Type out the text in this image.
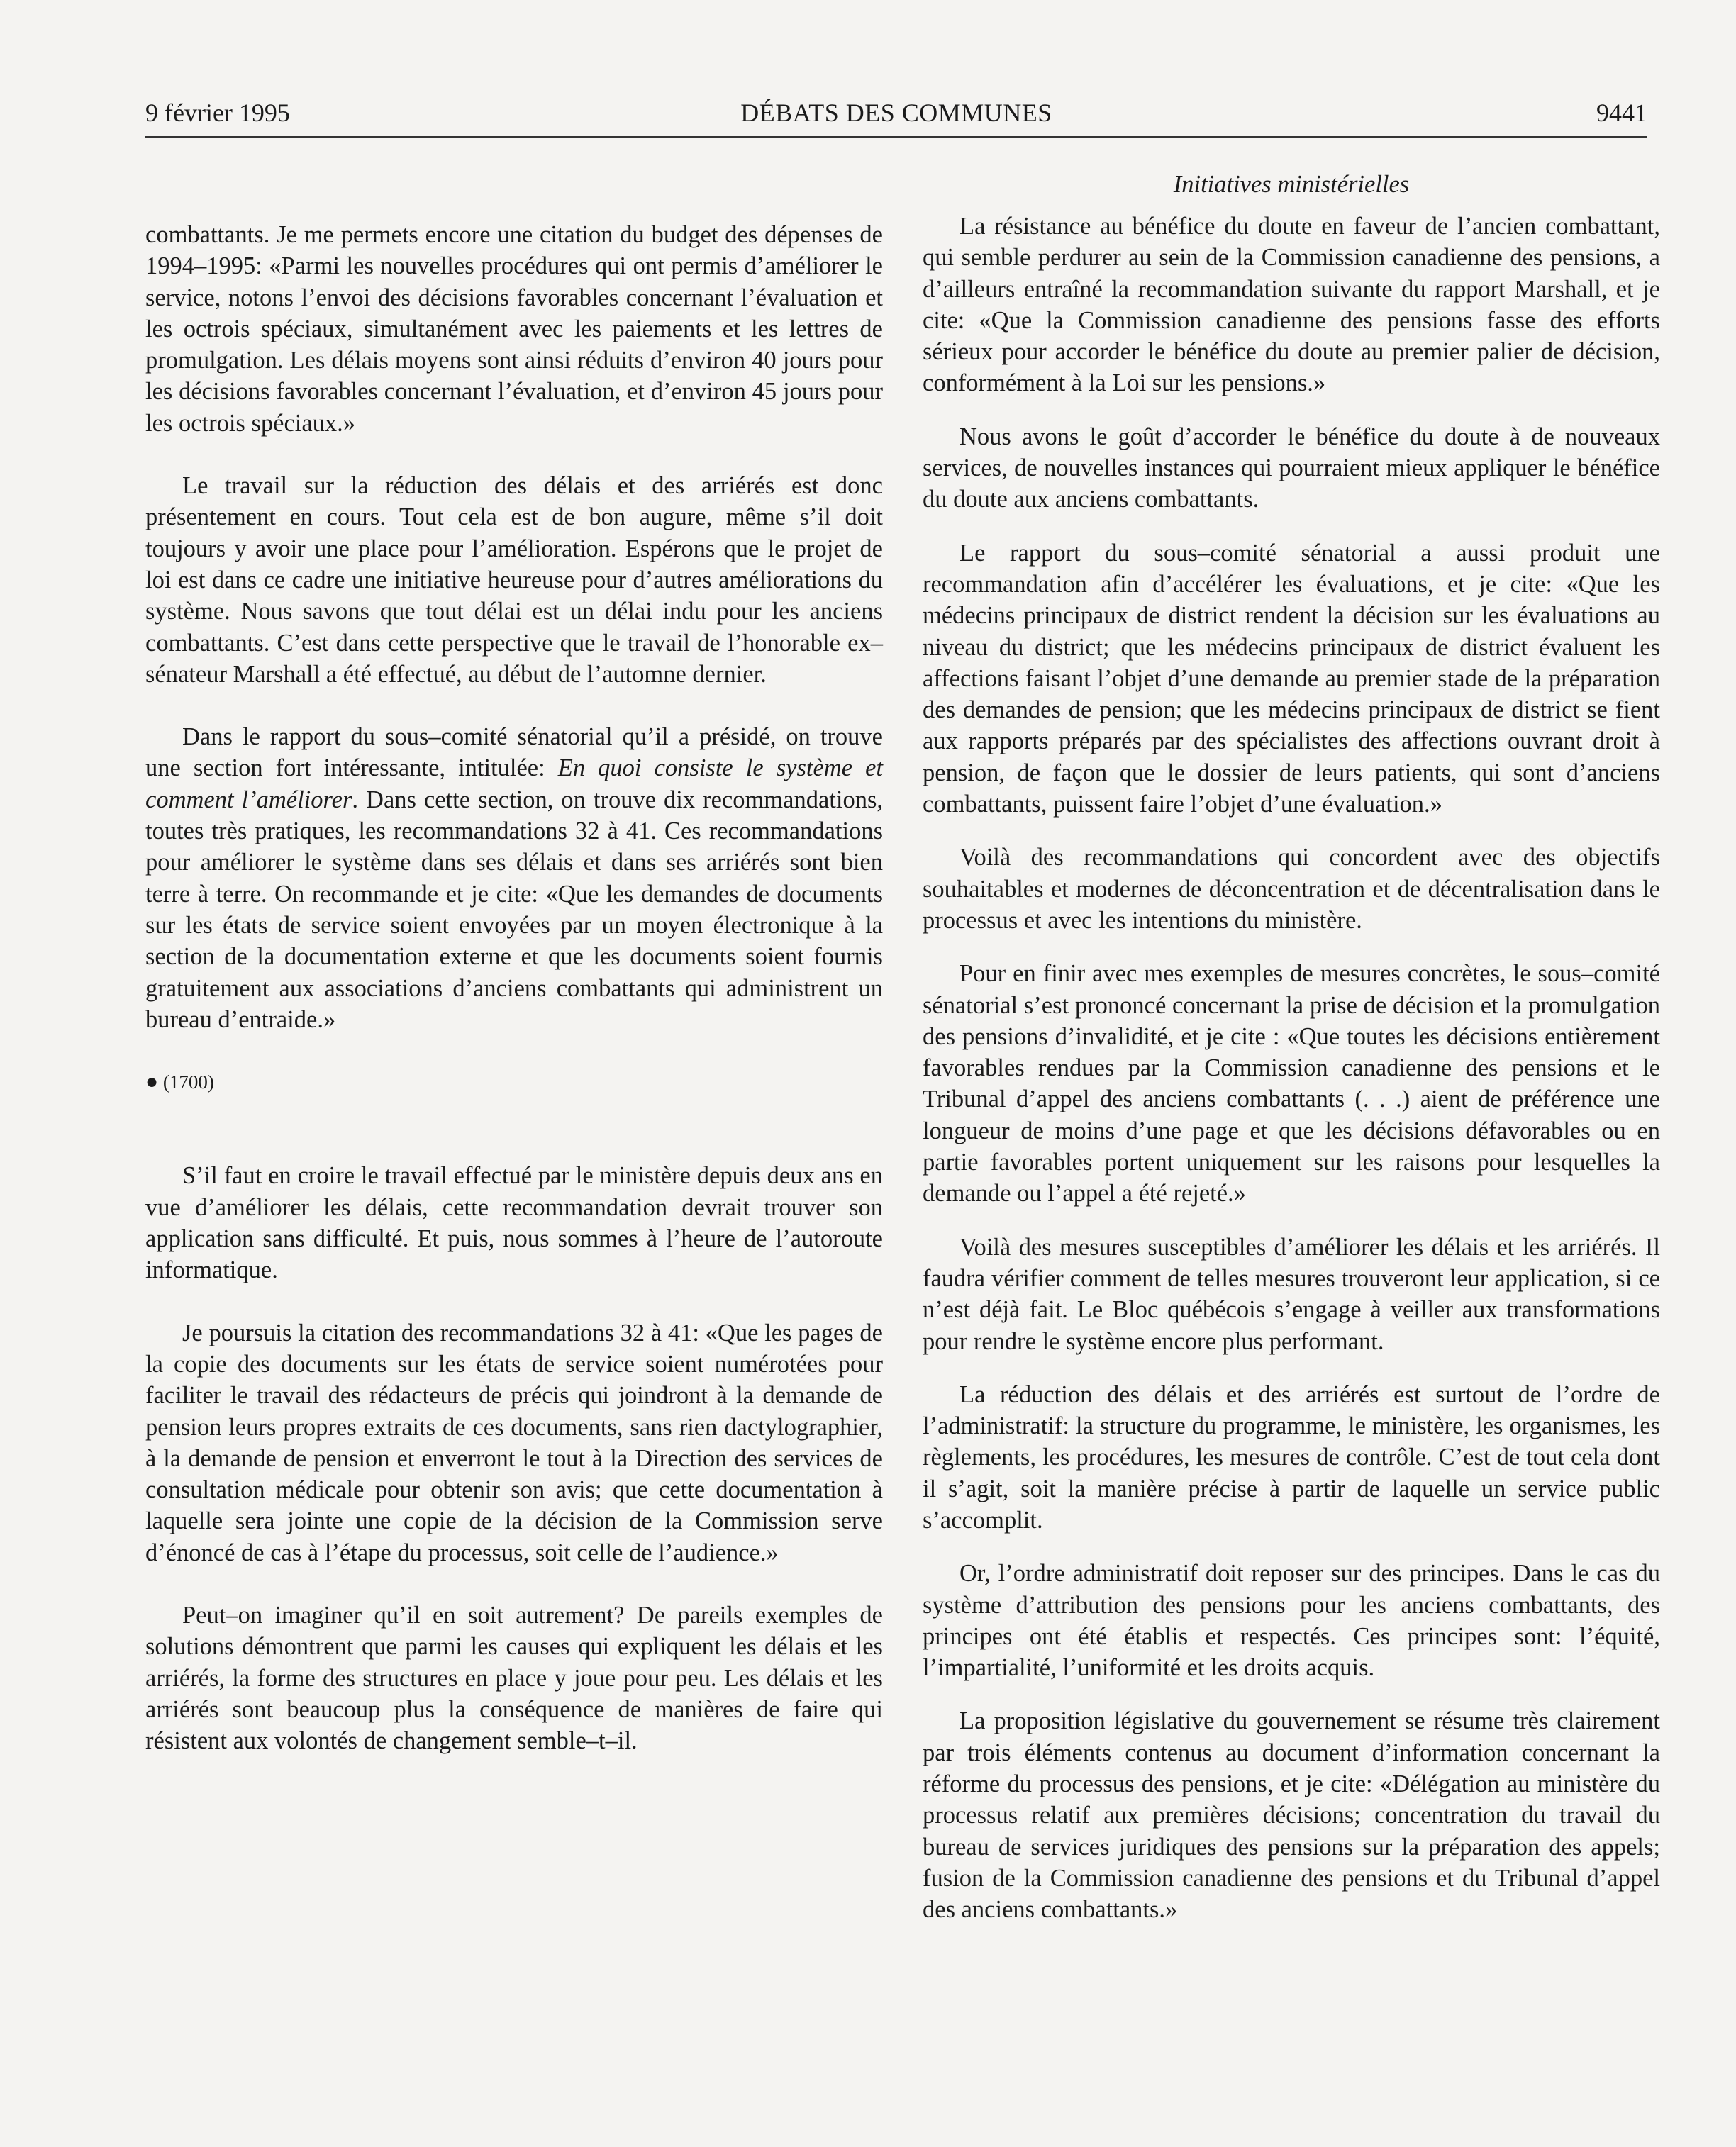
9 février 1995	DÉBATS DES COMMUNES	9441
Initiatives ministérielles

combattants. Je me permets encore une citation du budget des dépenses de 1994–1995: «Parmi les nouvelles procédures qui ont permis d’améliorer le service, notons l’envoi des décisions favorables concernant l’évaluation et les octrois spéciaux, simultanément avec les paiements et les lettres de promulgation. Les délais moyens sont ainsi réduits d’environ 40 jours pour les décisions favorables concernant l’évaluation, et d’environ 45 jours pour les octrois spéciaux.»

Le travail sur la réduction des délais et des arriérés est donc présentement en cours. Tout cela est de bon augure, même s’il doit toujours y avoir une place pour l’amélioration. Espérons que le projet de loi est dans ce cadre une initiative heureuse pour d’autres améliorations du système. Nous savons que tout délai est un délai indu pour les anciens combattants. C’est dans cette perspective que le travail de l’honorable ex–sénateur Marshall a été effectué, au début de l’automne dernier.

Dans le rapport du sous–comité sénatorial qu’il a présidé, on trouve une section fort intéressante, intitulée: En quoi consiste le système et comment l’améliorer. Dans cette section, on trouve dix recommandations, toutes très pratiques, les recommandations 32 à 41. Ces recommandations pour améliorer le système dans ses délais et dans ses arriérés sont bien terre à terre. On recommande et je cite: «Que les demandes de documents sur les états de service soient envoyées par un moyen électronique à la section de la documentation externe et que les documents soient fournis gratuitement aux associations d’anciens combattants qui administrent un bureau d’entraide.»

● (1700)

S’il faut en croire le travail effectué par le ministère depuis deux ans en vue d’améliorer les délais, cette recommandation devrait trouver son application sans difficulté. Et puis, nous sommes à l’heure de l’autoroute informatique.

Je poursuis la citation des recommandations 32 à 41: «Que les pages de la copie des documents sur les états de service soient numérotées pour faciliter le travail des rédacteurs de précis qui joindront à la demande de pension leurs propres extraits de ces documents, sans rien dactylographier, à la demande de pension et enverront le tout à la Direction des services de consultation médicale pour obtenir son avis; que cette documentation à laquelle sera jointe une copie de la décision de la Commission serve d’énoncé de cas à l’étape du processus, soit celle de l’audience.»

Peut–on imaginer qu’il en soit autrement? De pareils exemples de solutions démontrent que parmi les causes qui expliquent les délais et les arriérés, la forme des structures en place y joue pour peu. Les délais et les arriérés sont beaucoup plus la conséquence de manières de faire qui résistent aux volontés de changement semble–t–il.

La résistance au bénéfice du doute en faveur de l’ancien combattant, qui semble perdurer au sein de la Commission canadienne des pensions, a d’ailleurs entraîné la recommandation suivante du rapport Marshall, et je cite: «Que la Commission canadienne des pensions fasse des efforts sérieux pour accorder le bénéfice du doute au premier palier de décision, conformément à la Loi sur les pensions.»

Nous avons le goût d’accorder le bénéfice du doute à de nouveaux services, de nouvelles instances qui pourraient mieux appliquer le bénéfice du doute aux anciens combattants.

Le rapport du sous–comité sénatorial a aussi produit une recommandation afin d’accélérer les évaluations, et je cite: «Que les médecins principaux de district rendent la décision sur les évaluations au niveau du district; que les médecins principaux de district évaluent les affections faisant l’objet d’une demande au premier stade de la préparation des demandes de pension; que les médecins principaux de district se fient aux rapports préparés par des spécialistes des affections ouvrant droit à pension, de façon que le dossier de leurs patients, qui sont d’anciens combattants, puissent faire l’objet d’une évaluation.»

Voilà des recommandations qui concordent avec des objectifs souhaitables et modernes de déconcentration et de décentralisation dans le processus et avec les intentions du ministère.

Pour en finir avec mes exemples de mesures concrètes, le sous–comité sénatorial s’est prononcé concernant la prise de décision et la promulgation des pensions d’invalidité, et je cite : «Que toutes les décisions entièrement favorables rendues par la Commission canadienne des pensions et le Tribunal d’appel des anciens combattants (. . .) aient de préférence une longueur de moins d’une page et que les décisions défavorables ou en partie favorables portent uniquement sur les raisons pour lesquelles la demande ou l’appel a été rejeté.»

Voilà des mesures susceptibles d’améliorer les délais et les arriérés. Il faudra vérifier comment de telles mesures trouveront leur application, si ce n’est déjà fait. Le Bloc québécois s’engage à veiller aux transformations pour rendre le système encore plus performant.

La réduction des délais et des arriérés est surtout de l’ordre de l’administratif: la structure du programme, le ministère, les organismes, les règlements, les procédures, les mesures de contrôle. C’est de tout cela dont il s’agit, soit la manière précise à partir de laquelle un service public s’accomplit.

Or, l’ordre administratif doit reposer sur des principes. Dans le cas du système d’attribution des pensions pour les anciens combattants, des principes ont été établis et respectés. Ces principes sont: l’équité, l’impartialité, l’uniformité et les droits acquis.

La proposition législative du gouvernement se résume très clairement par trois éléments contenus au document d’information concernant la réforme du processus des pensions, et je cite: «Délégation au ministère du processus relatif aux premières décisions; concentration du travail du bureau de services juridiques des pensions sur la préparation des appels; fusion de la Commission canadienne des pensions et du Tribunal d’appel des anciens combattants.»
